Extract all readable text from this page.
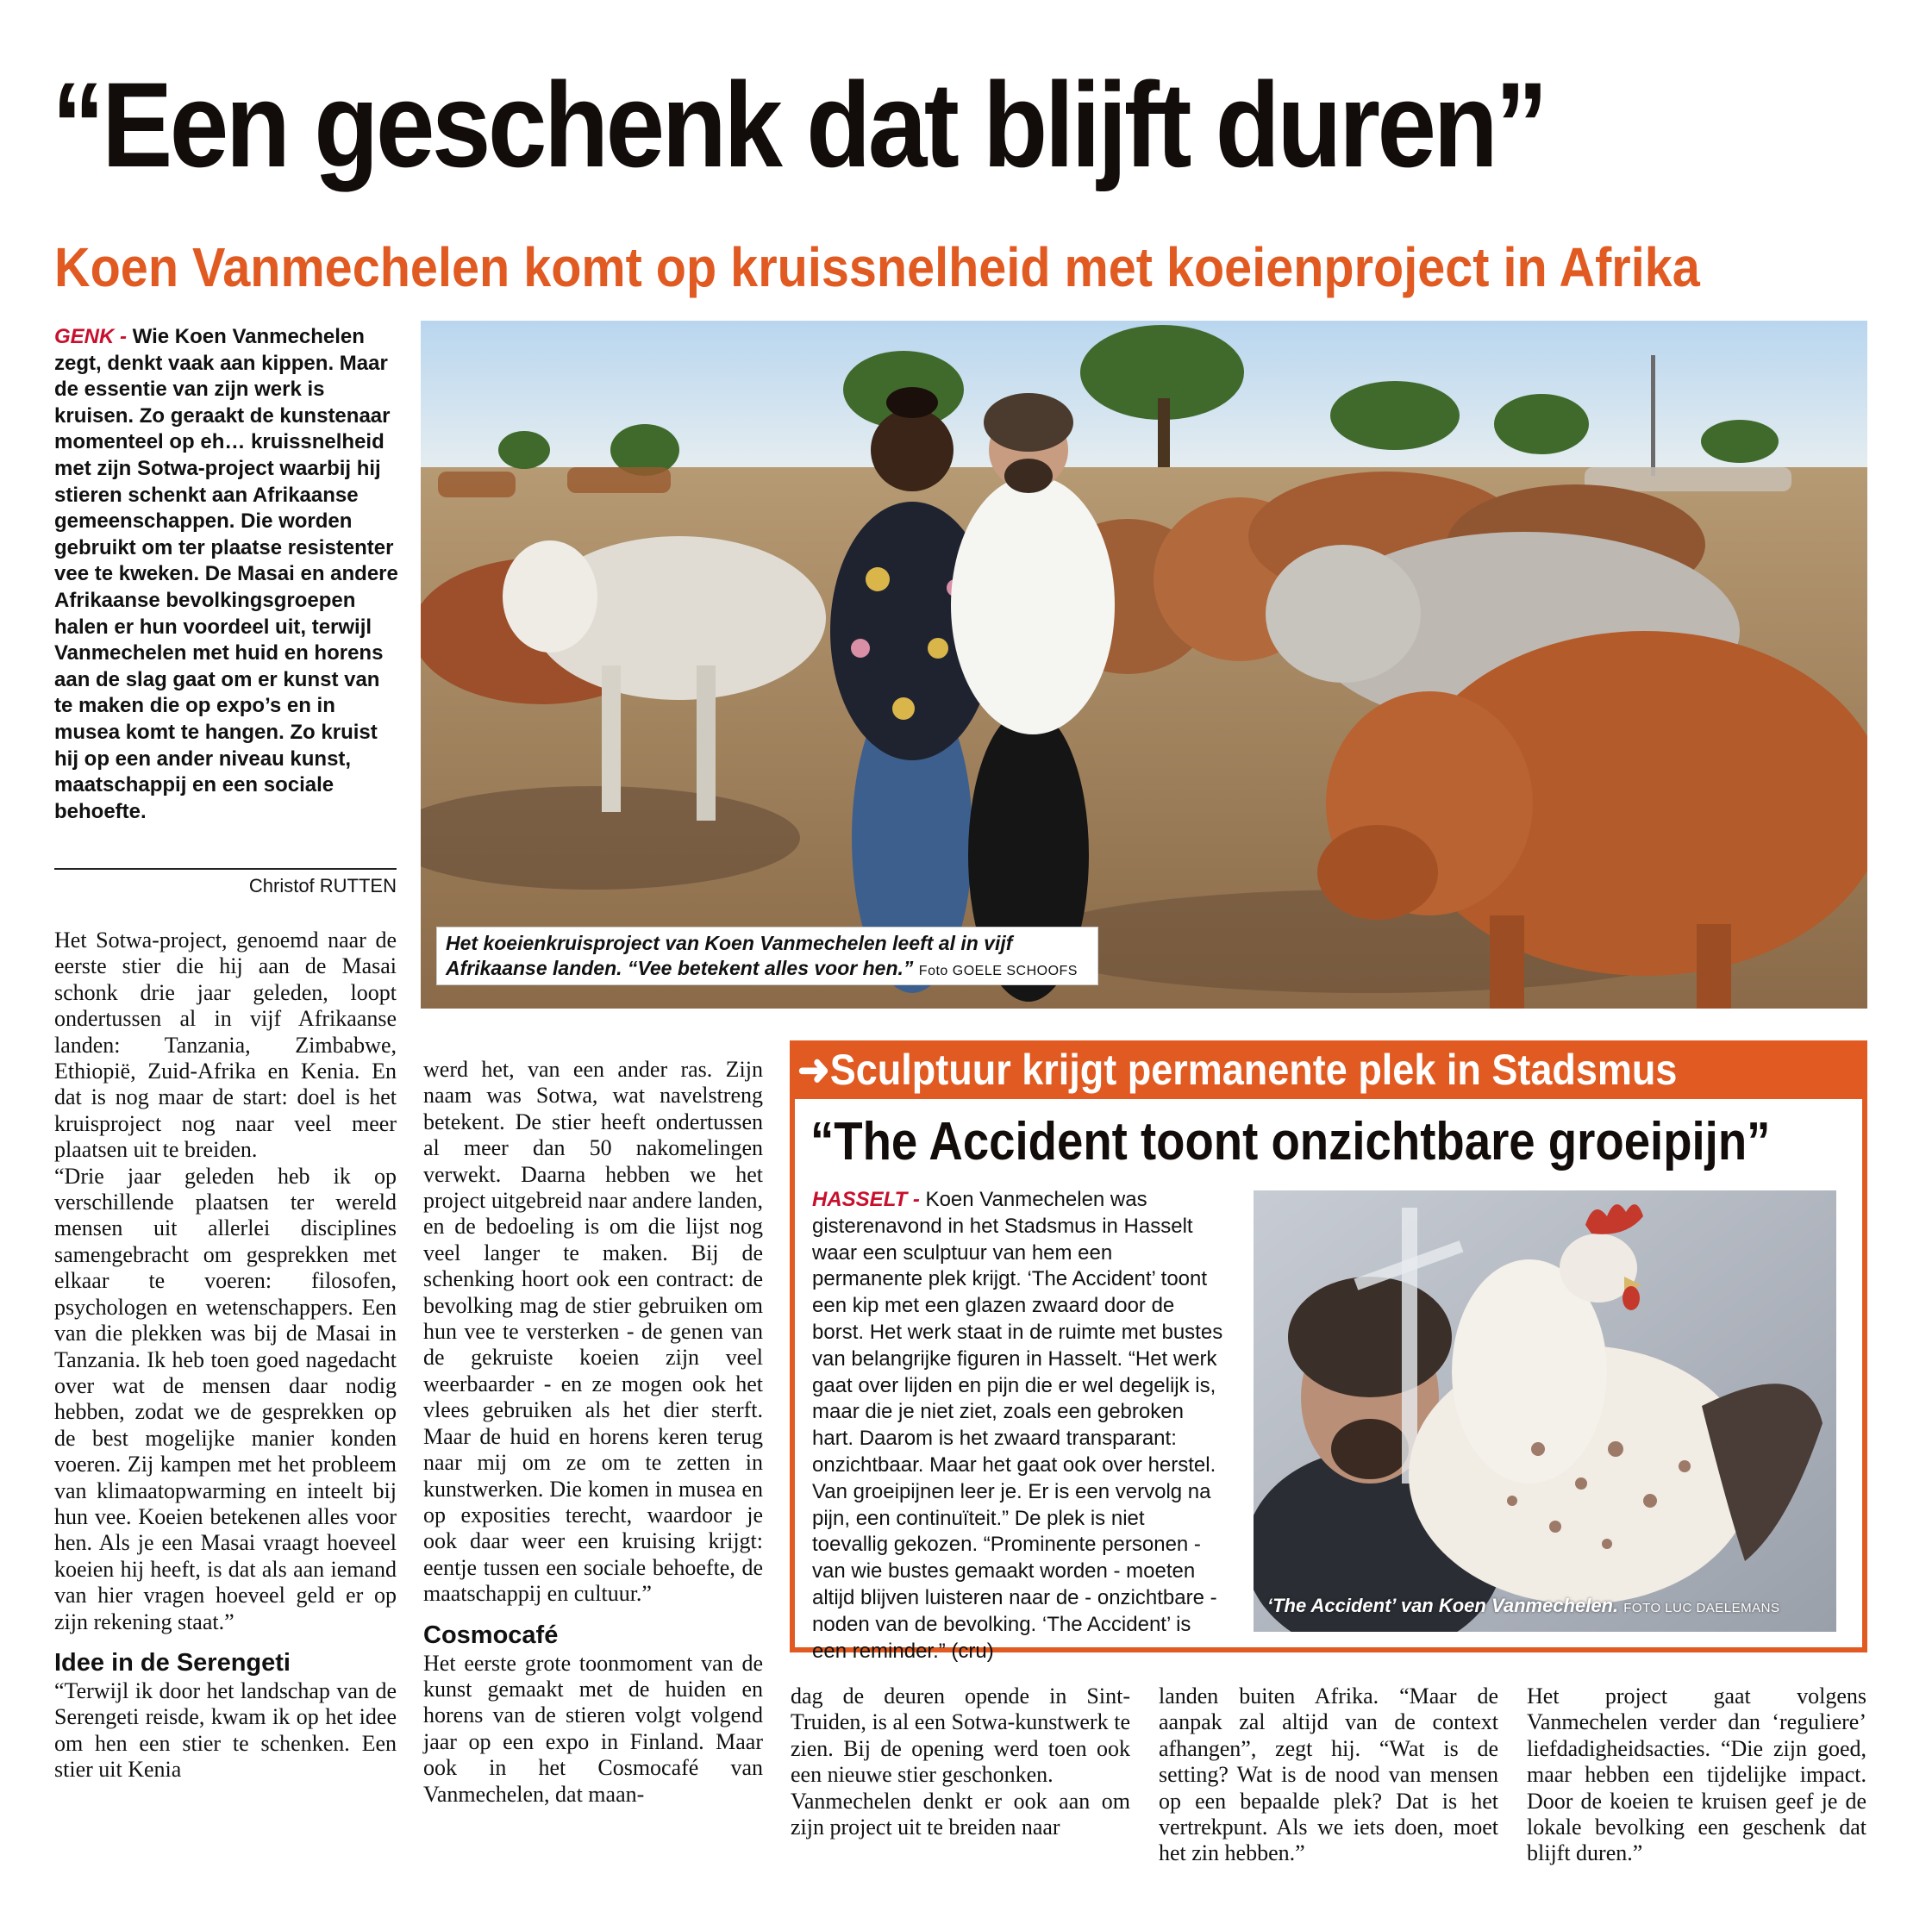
“Een geschenk dat blijft duren”
Koen Vanmechelen komt op kruissnelheid met koeienproject in Afrika
GENK - Wie Koen Vanmechelen zegt, denkt vaak aan kippen. Maar de essentie van zijn werk is kruisen. Zo geraakt de kunstenaar momenteel op eh… kruissnelheid met zijn Sotwa-project waarbij hij stieren schenkt aan Afrikaanse gemeenschappen. Die worden gebruikt om ter plaatse resistenter vee te kweken. De Masai en andere Afrikaanse bevolkingsgroepen halen er hun voordeel uit, terwijl Vanmechelen met huid en horens aan de slag gaat om er kunst van te maken die op expo’s en in musea komt te hangen. Zo kruist hij op een ander niveau kunst, maatschappij en een sociale behoefte.
Christof RUTTEN
Het koeienkruisproject van Koen Vanmechelen leeft al in vijf Afrikaanse landen. “Vee betekent alles voor hen.” Foto GOELE SCHOOFS

Het Sotwa-project, genoemd naar de eerste stier die hij aan de Masai schonk drie jaar geleden, loopt ondertussen al in vijf Afrikaanse landen: Tanzania, Zimbabwe, Ethiopië, Zuid-Afrika en Kenia. En dat is nog maar de start: doel is het kruisproject nog naar veel meer plaatsen uit te breiden.

“Drie jaar geleden heb ik op verschillende plaatsen ter wereld mensen uit allerlei disciplines samengebracht om gesprekken met elkaar te voeren: filosofen, psychologen en wetenschappers. Een van die plekken was bij de Masai in Tanzania. Ik heb toen goed nagedacht over wat de mensen daar nodig hebben, zodat we de gesprekken op de best mogelijke manier konden voeren. Zij kampen met het probleem van klimaatopwarming en inteelt bij hun vee. Koeien betekenen alles voor hen. Als je een Masai vraagt hoeveel koeien hij heeft, is dat als aan iemand van hier vragen hoeveel geld er op zijn rekening staat.”

Idee in de Serengeti

“Terwijl ik door het landschap van de Serengeti reisde, kwam ik op het idee om hen een stier te schenken. Een stier uit Kenia

werd het, van een ander ras. Zijn naam was Sotwa, wat navelstreng betekent. De stier heeft ondertussen al meer dan 50 nakomelingen verwekt. Daarna hebben we het project uitgebreid naar andere landen, en de bedoeling is om die lijst nog veel langer te maken. Bij de schenking hoort ook een contract: de bevolking mag de stier gebruiken om hun vee te versterken - de genen van de gekruiste koeien zijn veel weerbaarder - en ze mogen ook het vlees gebruiken als het dier sterft. Maar de huid en horens keren terug naar mij om ze om te zetten in kunstwerken. Die komen in musea en op exposities terecht, waardoor je ook daar weer een kruising krijgt: eentje tussen een sociale behoefte, de maatschappij en cultuur.”

Cosmocafé

Het eerste grote toonmoment van de kunst gemaakt met de huiden en horens van de stieren volgt volgend jaar op een expo in Finland. Maar ook in het Cosmocafé van Vanmechelen, dat maan-

dag de deuren opende in Sint-Truiden, is al een Sotwa-kunstwerk te zien. Bij de opening werd toen ook een nieuwe stier geschonken.

Vanmechelen denkt er ook aan om zijn project uit te breiden naar

landen buiten Afrika. “Maar de aanpak zal altijd van de context afhangen”, zegt hij. “Wat is de setting? Wat is de nood van mensen op een bepaalde plek? Dat is het vertrekpunt. Als we iets doen, moet het zin hebben.”

Het project gaat volgens Vanmechelen verder dan ‘reguliere’ liefdadigheidsacties. “Die zijn goed, maar hebben een tijdelijke impact. Door de koeien te kruisen geef je de lokale bevolking een geschenk dat blijft duren.”

➜Sculptuur krijgt permanente plek in Stadsmus
“The Accident toont onzichtbare groeipijn”
HASSELT - Koen Vanmechelen was gisterenavond in het Stadsmus in Hasselt waar een sculptuur van hem een permanente plek krijgt. ‘The Accident’ toont een kip met een glazen zwaard door de borst. Het werk staat in de ruimte met bustes van belangrijke figuren in Hasselt. “Het werk gaat over lijden en pijn die er wel degelijk is, maar die je niet ziet, zoals een gebroken hart. Daarom is het zwaard transparant: onzichtbaar. Maar het gaat ook over herstel. Van groeipijnen leer je. Er is een vervolg na pijn, een continuïteit.” De plek is niet toevallig gekozen. “Prominente personen - van wie bustes gemaakt worden - moeten altijd blijven luisteren naar de - onzichtbare - noden van de bevolking. ‘The Accident’ is een reminder.” (cru)
‘The Accident’ van Koen Vanmechelen. FOTO LUC DAELEMANS
